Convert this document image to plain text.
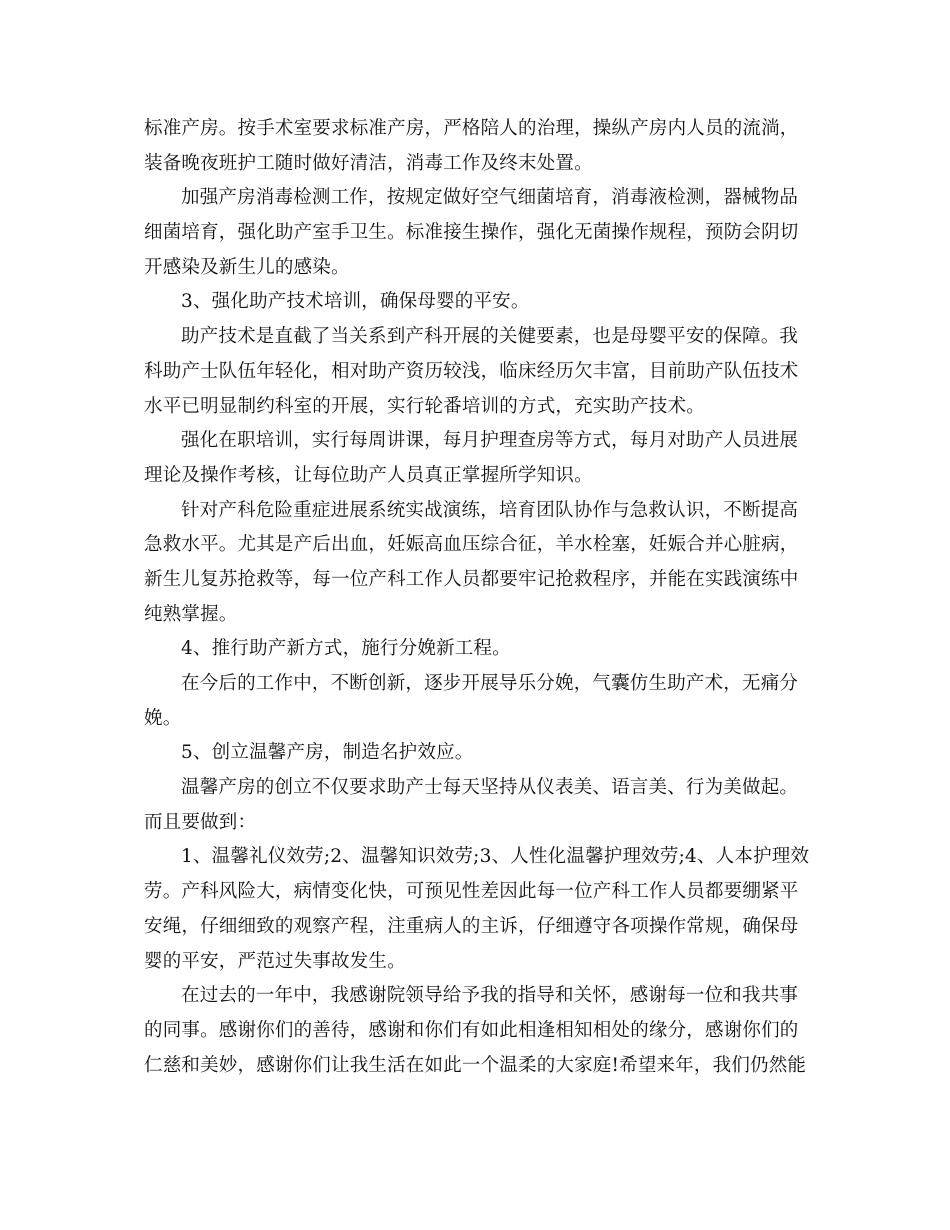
标准产房。按手术室要求标准产房，严格陪人的治理，操纵产房内人员的流淌，
装备晚夜班护工随时做好清洁，消毒工作及终末处置。
加强产房消毒检测工作，按规定做好空气细菌培育，消毒液检测，器械物品
细菌培育，强化助产室手卫生。标准接生操作，强化无菌操作规程，预防会阴切
开感染及新生儿的感染。
3、强化助产技术培训，确保母婴的平安。
助产技术是直截了当关系到产科开展的关健要素，也是母婴平安的保障。我
科助产士队伍年轻化，相对助产资历较浅，临床经历欠丰富，目前助产队伍技术
水平已明显制约科室的开展，实行轮番培训的方式，充实助产技术。
强化在职培训，实行每周讲课，每月护理查房等方式，每月对助产人员进展
理论及操作考核，让每位助产人员真正掌握所学知识。
针对产科危险重症进展系统实战演练，培育团队协作与急救认识，不断提高
急救水平。尤其是产后出血，妊娠高血压综合征，羊水栓塞，妊娠合并心脏病，
新生儿复苏抢救等，每一位产科工作人员都要牢记抢救程序，并能在实践演练中
纯熟掌握。
4、推行助产新方式，施行分娩新工程。
在今后的工作中，不断创新，逐步开展导乐分娩，气囊仿生助产术，无痛分
娩。
5、创立温馨产房，制造名护效应。
温馨产房的创立不仅要求助产士每天坚持从仪表美、语言美、行为美做起。
而且要做到：
1、温馨礼仪效劳;2、温馨知识效劳;3、人性化温馨护理效劳;4、人本护理效
劳。产科风险大，病情变化快，可预见性差因此每一位产科工作人员都要绷紧平
安绳，仔细细致的观察产程，注重病人的主诉，仔细遵守各项操作常规，确保母
婴的平安，严范过失事故发生。
在过去的一年中，我感谢院领导给予我的指导和关怀，感谢每一位和我共事
的同事。感谢你们的善待，感谢和你们有如此相逢相知相处的缘分，感谢你们的
仁慈和美妙，感谢你们让我生活在如此一个温柔的大家庭!希望来年，我们仍然能
